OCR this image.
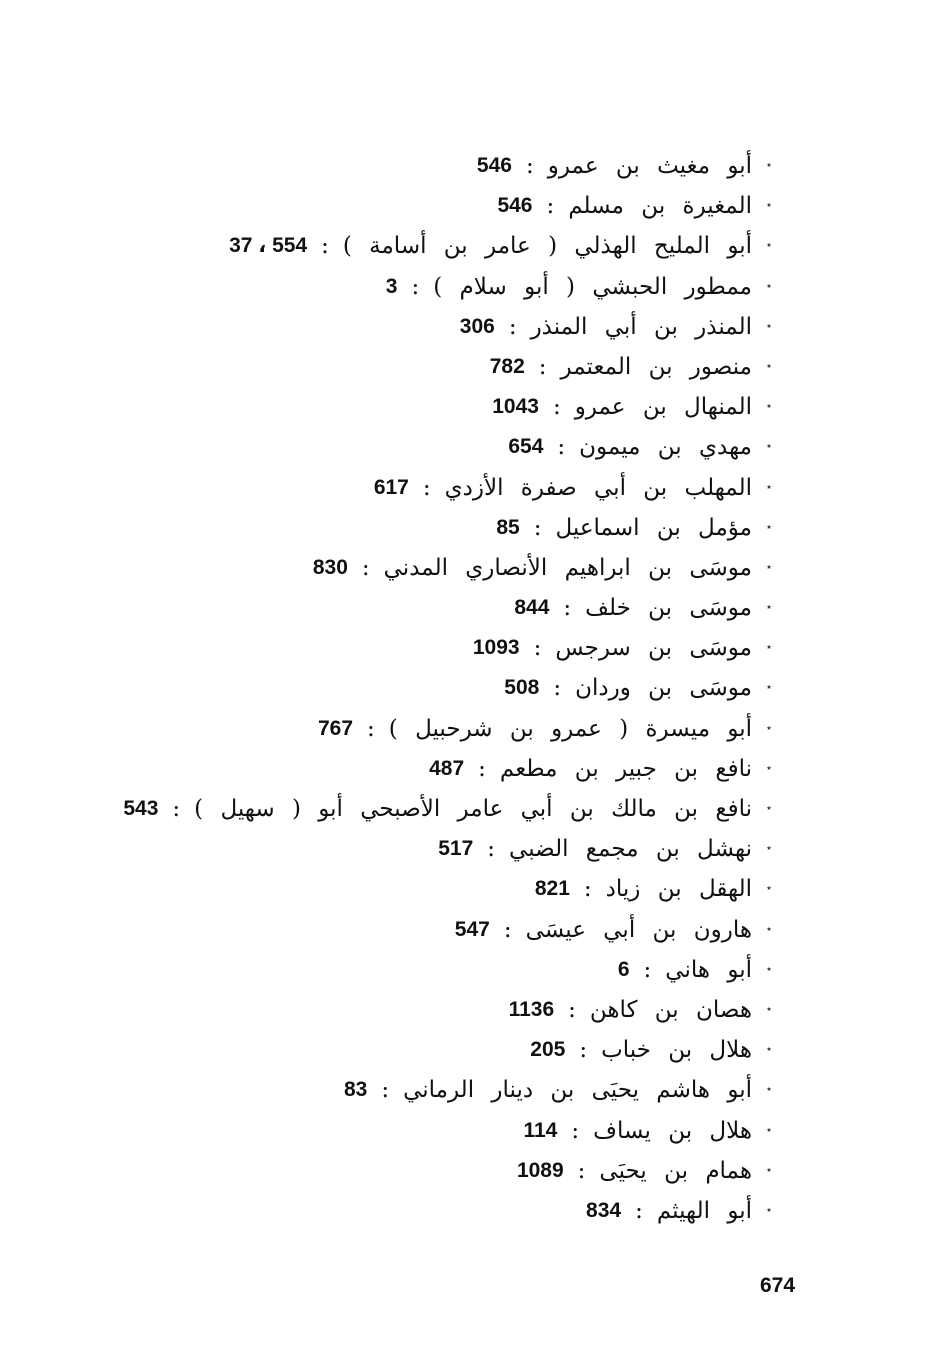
٭
أبو مغيث بن عمرو
:
546
٭
المغيرة بن مسلم
:
546
٭
أبو المليح الهذلي ( عامر بن أسامة )
:
37 ، 554
٭
ممطور الحبشي ( أبو سلام )
:
3
٭
المنذر بن أبي المنذر
:
306
٭
منصور بن المعتمر
:
782
٭
المنهال بن عمرو
:
1043
٭
مهدي بن ميمون
:
654
٭
المهلب بن أبي صفرة الأزدي
:
617
٭
مؤمل بن اسماعيل
:
85
٭
موسَى بن ابراهيم الأنصاري المدني
:
830
٭
موسَى بن خلف
:
844
٭
موسَى بن سرجس
:
1093
٭
موسَى بن وردان
:
508
٭
أبو ميسرة ( عمرو بن شرحبيل )
:
767
٭
نافع بن جبير بن مطعم
:
487
٭
نافع بن مالك بن أبي عامر الأصبحي أبو ( سهيل )
:
543
٭
نهشل بن مجمع الضبي
:
517
٭
الهقل بن زياد
:
821
٭
هارون بن أبي عيسَى
:
547
٭
أبو هاني
:
6
٭
هصان بن كاهن
:
1136
٭
هلال بن خباب
:
205
٭
أبو هاشم يحيَى بن دينار الرماني
:
83
٭
هلال بن يساف
:
114
٭
همام بن يحيَى
:
1089
٭
أبو الهيثم
:
834
674
